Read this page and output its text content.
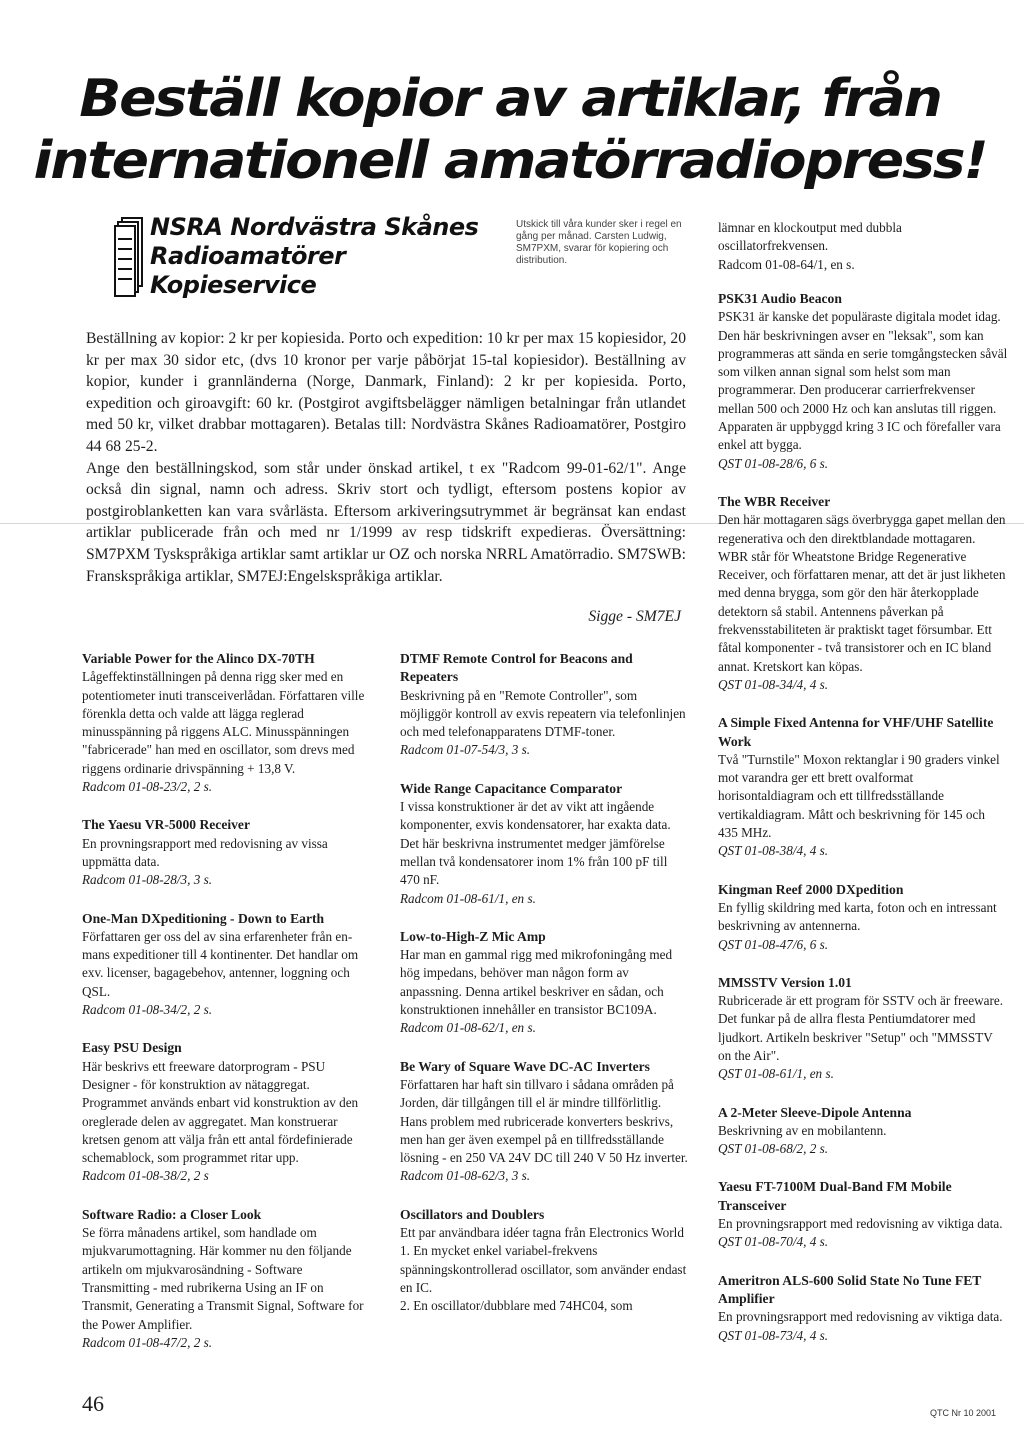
Beställ kopior av artiklar, från
internationell amatörradiopress!
NSRA Nordvästra Skånes
Radioamatörer
Kopieservice
Utskick till våra kunder sker i regel en gång per månad. Carsten Ludwig, SM7PXM, svarar för kopiering och distribution.

Beställning av kopior: 2 kr per kopiesida. Porto och expedition: 10 kr per max 15 kopiesidor, 20 kr per max 30 sidor etc, (dvs 10 kronor per varje påbörjat 15-tal kopiesidor). Beställning av kopior, kunder i grannländerna (Norge, Danmark, Finland): 2 kr per kopiesida. Porto, expedition och giroavgift: 60 kr. (Postgirot avgiftsbelägger nämligen betalningar från utlandet med 50 kr, vilket drabbar mottagaren). Betalas till: Nordvästra Skånes Radioamatörer, Postgiro 44 68 25-2.

Ange den beställningskod, som står under önskad artikel, t ex "Radcom 99-01-62/1". Ange också din signal, namn och adress. Skriv stort och tydligt, eftersom postens kopior av postgiroblanketten kan vara svårlästa. Eftersom arkiveringsutrymmet är begränsat kan endast artiklar publicerade från och med nr 1/1999 av resp tidskrift expedieras. Översättning: SM7PXM Tyskspråkiga artiklar samt artiklar ur OZ och norska NRRL Amatörradio. SM7SWB: Franskspråkiga artiklar, SM7EJ:Engelskspråkiga artiklar.

Sigge - SM7EJ
lämnar en klockoutput med dubbla oscillatorfrekvensen.
Radcom 01-08-64/1, en s.
Variable Power for the Alinco DX-70TH

Lågeffektinställningen på denna rigg sker med en potentiometer inuti transceiverlådan. Författaren ville förenkla detta och valde att lägga reglerad minusspänning på riggens ALC. Minusspänningen "fabricerade" han med en oscillator, som drevs med riggens ordinarie drivspänning + 13,8 V.

Radcom 01-08-23/2, 2 s.
The Yaesu VR-5000 Receiver

En provningsrapport med redovisning av vissa uppmätta data.

Radcom 01-08-28/3, 3 s.
One-Man DXpeditioning - Down to Earth

Författaren ger oss del av sina erfarenheter från en-mans expeditioner till 4 kontinenter. Det handlar om exv. licenser, bagagebehov, antenner, loggning och QSL.

Radcom 01-08-34/2, 2 s.
Easy PSU Design

Här beskrivs ett freeware datorprogram - PSU Designer - för konstruktion av nätaggregat. Programmet används enbart vid konstruktion av den oreglerade delen av aggregatet. Man konstruerar kretsen genom att välja från ett antal fördefinierade schemablock, som programmet ritar upp.

Radcom 01-08-38/2, 2 s
Software Radio: a Closer Look

Se förra månadens artikel, som handlade om mjukvarumottagning. Här kommer nu den följande artikeln om mjukvarosändning - Software Transmitting - med rubrikerna Using an IF on Transmit, Generating a Transmit Signal, Software for the Power Amplifier.

Radcom 01-08-47/2, 2 s.
DTMF Remote Control for Beacons and Repeaters

Beskrivning på en "Remote Controller", som möjliggör kontroll av exvis repeatern via telefonlinjen och med telefonapparatens DTMF-toner.

Radcom 01-07-54/3, 3 s.
Wide Range Capacitance Comparator

I vissa konstruktioner är det av vikt att ingående komponenter, exvis kondensatorer, har exakta data. Det här beskrivna instrumentet medger jämförelse mellan två kondensatorer inom 1% från 100 pF till 470 nF.

Radcom 01-08-61/1, en s.
Low-to-High-Z Mic Amp

Har man en gammal rigg med mikrofoningång med hög impedans, behöver man någon form av anpassning. Denna artikel beskriver en sådan, och konstruktionen innehåller en transistor BC109A.

Radcom 01-08-62/1, en s.
Be Wary of Square Wave DC-AC Inverters

Författaren har haft sin tillvaro i sådana områden på Jorden, där tillgången till el är mindre tillförlitlig. Hans problem med rubricerade konverters beskrivs, men han ger även exempel på en tillfredsställande lösning - en 250 VA 24V DC till 240 V 50 Hz inverter.

Radcom 01-08-62/3, 3 s.
Oscillators and Doublers

Ett par användbara idéer tagna från Electronics World
1. En mycket enkel variabel-frekvens spänningskontrollerad oscillator, som använder endast en IC.
2. En oscillator/dubblare med 74HC04, som

PSK31 Audio Beacon

PSK31 är kanske det populäraste digitala modet idag. Den här beskrivningen avser en "leksak", som kan programmeras att sända en serie tomgångstecken såväl som vilken annan signal som helst som man programmerar. Den producerar carrierfrekvenser mellan 500 och 2000 Hz och kan anslutas till riggen. Apparaten är uppbyggd kring 3 IC och förefaller vara enkel att bygga.

QST 01-08-28/6, 6 s.
The WBR Receiver

Den här mottagaren sägs överbrygga gapet mellan den regenerativa och den direktblandade mottagaren. WBR står för Wheatstone Bridge Regenerative Receiver, och författaren menar, att det är just likheten med denna brygga, som gör den här återkopplade detektorn så stabil. Antennens påverkan på frekvensstabiliteten är praktiskt taget försumbar. Ett fåtal komponenter - två transistorer och en IC bland annat. Kretskort kan köpas.

QST 01-08-34/4, 4 s.
A Simple Fixed Antenna for VHF/UHF Satellite Work

Två "Turnstile" Moxon rektanglar i 90 graders vinkel mot varandra ger ett brett ovalformat horisontaldiagram och ett tillfredsställande vertikaldiagram. Mått och beskrivning för 145 och 435 MHz.

QST 01-08-38/4, 4 s.
Kingman Reef 2000 DXpedition

En fyllig skildring med karta, foton och en intressant beskrivning av antennerna.

QST 01-08-47/6, 6 s.
MMSSTV Version 1.01

Rubricerade är ett program för SSTV och är freeware. Det funkar på de allra flesta Pentiumdatorer med ljudkort. Artikeln beskriver "Setup" och "MMSSTV on the Air".

QST 01-08-61/1, en s.
A 2-Meter Sleeve-Dipole Antenna

Beskrivning av en mobilantenn.

QST 01-08-68/2, 2 s.
Yaesu FT-7100M Dual-Band FM Mobile Transceiver

En provningsrapport med redovisning av viktiga data.

QST 01-08-70/4, 4 s.
Ameritron ALS-600 Solid State No Tune FET Amplifier

En provningsrapport med redovisning av viktiga data.

QST 01-08-73/4, 4 s.
46	QTC Nr 10 2001
